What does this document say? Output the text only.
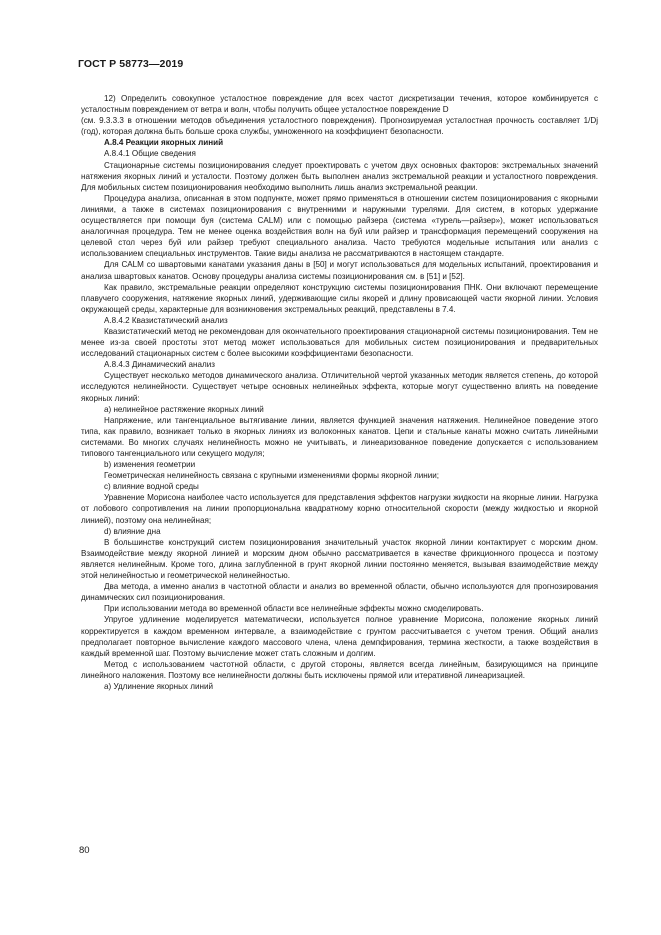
ГОСТ Р 58773—2019

12) Определить совокупное усталостное повреждение для всех частот дискретизации течения, которое комбинируется с усталостным повреждением от ветра и волн, чтобы получить общее усталостное повреждение D

(см. 9.3.3.3 в отношении методов объединения усталостного повреждения). Прогнозируемая усталостная прочность составляет 1/Dj (год), которая должна быть больше срока службы, умноженного на коэффициент безопасности.

А.8.4 Реакции якорных линий

А.8.4.1 Общие сведения

Стационарные системы позиционирования следует проектировать с учетом двух основных факторов: экстремальных значений натяжения якорных линий и усталости. Поэтому должен быть выполнен анализ экстремальной реакции и усталостного повреждения. Для мобильных систем позиционирования необходимо выполнить лишь анализ экстремальной реакции.

Процедура анализа, описанная в этом подпункте, может прямо применяться в отношении систем позиционирования с якорными линиями, а также в системах позиционирования с внутренними и наружными турелями. Для систем, в которых удержание осуществляется при помощи буя (система CALM) или с помощью райзера (система «турель—райзер»), может использоваться аналогичная процедура. Тем не менее оценка воздействия волн на буй или райзер и трансформация перемещений сооружения на целевой стол через буй или райзер требуют специального анализа. Часто требуются модельные испытания или анализ с использованием специальных инструментов. Такие виды анализа не рассматриваются в настоящем стандарте.

Для CALM со швартовыми канатами указания даны в [50] и могут использоваться для модельных испытаний, проектирования и анализа швартовых канатов. Основу процедуры анализа системы позиционирования см. в [51] и [52].

Как правило, экстремальные реакции определяют конструкцию системы позиционирования ПНК. Они включают перемещение плавучего сооружения, натяжение якорных линий, удерживающие силы якорей и длину провисающей части якорной линии. Условия окружающей среды, характерные для возникновения экстремальных реакций, представлены в 7.4.

А.8.4.2 Квазистатический анализ

Квазистатический метод не рекомендован для окончательного проектирования стационарной системы позиционирования. Тем не менее из-за своей простоты этот метод может использоваться для мобильных систем позиционирования и предварительных исследований стационарных систем с более высокими коэффициентами безопасности.

А.8.4.3 Динамический анализ

Существует несколько методов динамического анализа. Отличительной чертой указанных методик является степень, до которой исследуются нелинейности. Существует четыре основных нелинейных эффекта, которые могут существенно влиять на поведение якорных линий:

а) нелинейное растяжение якорных линий

Напряжение, или тангенциальное вытягивание линии, является функцией значения натяжения. Нелинейное поведение этого типа, как правило, возникает только в якорных линиях из волоконных канатов. Цепи и стальные канаты можно считать линейными системами. Во многих случаях нелинейность можно не учитывать, и линеаризованное поведение допускается с использованием типового тангенциального или секущего модуля;

b) изменения геометрии

Геометрическая нелинейность связана с крупными изменениями формы якорной линии;

c) влияние водной среды

Уравнение Морисона наиболее часто используется для представления эффектов нагрузки жидкости на якорные линии. Нагрузка от лобового сопротивления на линии пропорциональна квадратному корню относительной скорости (между жидкостью и якорной линией), поэтому она нелинейная;

d) влияние дна

В большинстве конструкций систем позиционирования значительный участок якорной линии контактирует с морским дном. Взаимодействие между якорной линией и морским дном обычно рассматривается в качестве фрикционного процесса и поэтому является нелинейным. Кроме того, длина заглубленной в грунт якорной линии постоянно меняется, вызывая взаимодействие между этой нелинейностью и геометрической нелинейностью.

Два метода, а именно анализ в частотной области и анализ во временной области, обычно используются для прогнозирования динамических сил позиционирования.

При использовании метода во временной области все нелинейные эффекты можно смоделировать.

Упругое удлинение моделируется математически, используется полное уравнение Морисона, положение якорных линий корректируется в каждом временном интервале, а взаимодействие с грунтом рассчитывается с учетом трения. Общий анализ предполагает повторное вычисление каждого массового члена, члена демпфирования, термина жесткости, а также воздействия в каждый временной шаг. Поэтому вычисление может стать сложным и долгим.

Метод с использованием частотной области, с другой стороны, является всегда линейным, базирующимся на принципе линейного наложения. Поэтому все нелинейности должны быть исключены прямой или итеративной линеаризацией.

а) Удлинение якорных линий

80
